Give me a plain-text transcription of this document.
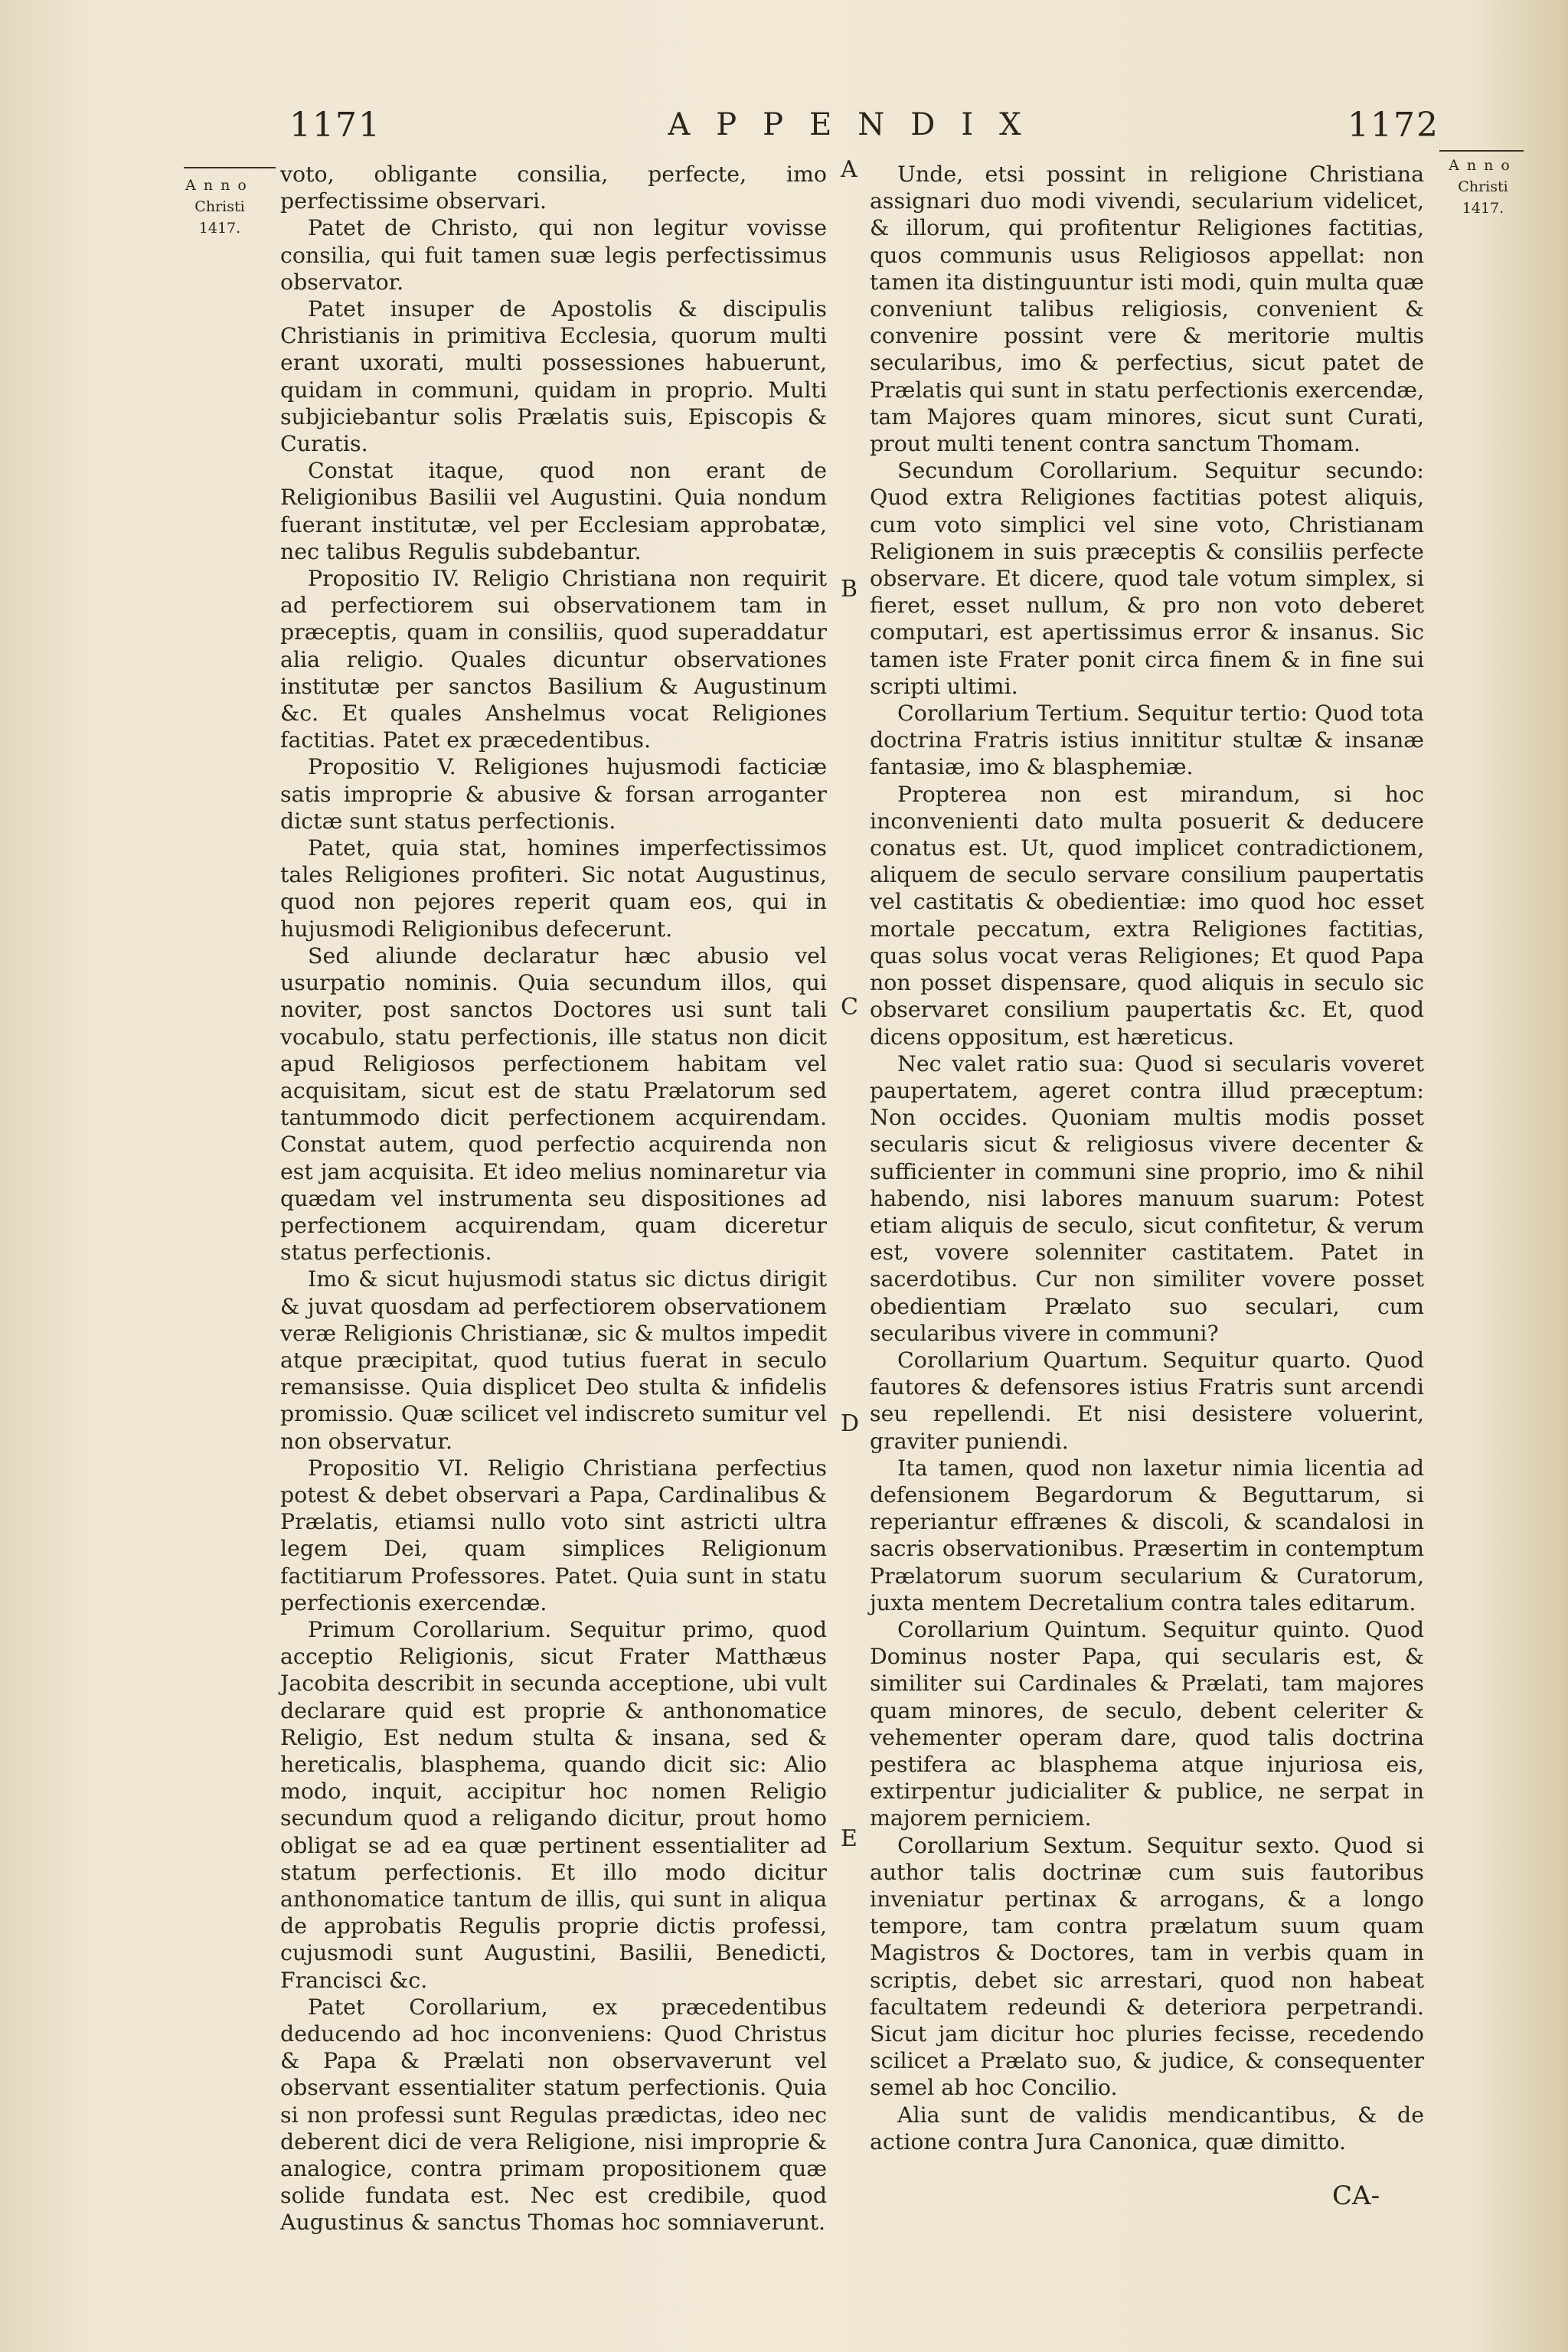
1171	APPENDIX	1172
Anno
Christi
1417.
Anno
Christi
1417.
A
B
C
D
E

voto, obligante consilia, perfecte, imo perfectissime observari.

Patet de Christo, qui non legitur vovisse consilia, qui fuit tamen suæ legis perfectissimus observator.

Patet insuper de Apostolis & discipulis Christianis in primitiva Ecclesia, quorum multi erant uxorati, multi possessiones habuerunt, quidam in communi, quidam in proprio. Multi subjiciebantur solis Prælatis suis, Episcopis & Curatis.

Constat itaque, quod non erant de Religionibus Basilii vel Augustini. Quia nondum fuerant institutæ, vel per Ecclesiam approbatæ, nec talibus Regulis subdebantur.

Propositio IV. Religio Christiana non requirit ad perfectiorem sui observationem tam in præceptis, quam in consiliis, quod superaddatur alia religio. Quales dicuntur observationes institutæ per sanctos Basilium & Augustinum &c. Et quales Anshelmus vocat Religiones factitias. Patet ex præcedentibus.

Propositio V. Religiones hujusmodi facticiæ satis improprie & abusive & forsan arroganter dictæ sunt status perfectionis.

Patet, quia stat, homines imperfectissimos tales Religiones profiteri. Sic notat Augustinus, quod non pejores reperit quam eos, qui in hujusmodi Religionibus defecerunt.

Sed aliunde declaratur hæc abusio vel usurpatio nominis. Quia secundum illos, qui noviter, post sanctos Doctores usi sunt tali vocabulo, statu perfectionis, ille status non dicit apud Religiosos perfectionem habitam vel acquisitam, sicut est de statu Prælatorum sed tantummodo dicit perfectionem acquirendam. Constat autem, quod perfectio acquirenda non est jam acquisita. Et ideo melius nominaretur via quædam vel instrumenta seu dispositiones ad perfectionem acquirendam, quam diceretur status perfectionis.

Imo & sicut hujusmodi status sic dictus dirigit & juvat quosdam ad perfectiorem observationem veræ Religionis Christianæ, sic & multos impedit atque præcipitat, quod tutius fuerat in seculo remansisse. Quia displicet Deo stulta & infidelis promissio. Quæ scilicet vel indiscreto sumitur vel non observatur.

Propositio VI. Religio Christiana perfectius potest & debet observari a Papa, Cardinalibus & Prælatis, etiamsi nullo voto sint astricti ultra legem Dei, quam simplices Religionum factitiarum Professores. Patet. Quia sunt in statu perfectionis exercendæ.

Primum Corollarium. Sequitur primo, quod acceptio Religionis, sicut Frater Matthæus Jacobita describit in secunda acceptione, ubi vult declarare quid est proprie & anthonomatice Religio, Est nedum stulta & insana, sed & hereticalis, blasphema, quando dicit sic: Alio modo, inquit, accipitur hoc nomen Religio secundum quod a religando dicitur, prout homo obligat se ad ea quæ pertinent essentialiter ad statum perfectionis. Et illo modo dicitur anthonomatice tantum de illis, qui sunt in aliqua de approbatis Regulis proprie dictis professi, cujusmodi sunt Augustini, Basilii, Benedicti, Francisci &c.

Patet Corollarium, ex præcedentibus deducendo ad hoc inconveniens: Quod Christus & Papa & Prælati non observaverunt vel observant essentialiter statum perfectionis. Quia si non professi sunt Regulas prædictas, ideo nec deberent dici de vera Religione, nisi improprie & analogice, contra primam propositionem quæ solide fundata est. Nec est credibile, quod Augustinus & sanctus Thomas hoc somniaverunt.

Unde, etsi possint in religione Christiana assignari duo modi vivendi, secularium videlicet, & illorum, qui profitentur Religiones factitias, quos communis usus Religiosos appellat: non tamen ita distinguuntur isti modi, quin multa quæ conveniunt talibus religiosis, convenient & convenire possint vere & meritorie multis secularibus, imo & perfectius, sicut patet de Prælatis qui sunt in statu perfectionis exercendæ, tam Majores quam minores, sicut sunt Curati, prout multi tenent contra sanctum Thomam.

Secundum Corollarium. Sequitur secundo: Quod extra Religiones factitias potest aliquis, cum voto simplici vel sine voto, Christianam Religionem in suis præceptis & consiliis perfecte observare. Et dicere, quod tale votum simplex, si fieret, esset nullum, & pro non voto deberet computari, est apertissimus error & insanus. Sic tamen iste Frater ponit circa finem & in fine sui scripti ultimi.

Corollarium Tertium. Sequitur tertio: Quod tota doctrina Fratris istius innititur stultæ & insanæ fantasiæ, imo & blasphemiæ.

Propterea non est mirandum, si hoc inconvenienti dato multa posuerit & deducere conatus est. Ut, quod implicet contradictionem, aliquem de seculo servare consilium paupertatis vel castitatis & obedientiæ: imo quod hoc esset mortale peccatum, extra Religiones factitias, quas solus vocat veras Religiones; Et quod Papa non posset dispensare, quod aliquis in seculo sic observaret consilium paupertatis &c. Et, quod dicens oppositum, est hæreticus.

Nec valet ratio sua: Quod si secularis voveret paupertatem, ageret contra illud præceptum: Non occides. Quoniam multis modis posset secularis sicut & religiosus vivere decenter & sufficienter in communi sine proprio, imo & nihil habendo, nisi labores manuum suarum: Potest etiam aliquis de seculo, sicut confitetur, & verum est, vovere solenniter castitatem. Patet in sacerdotibus. Cur non similiter vovere posset obedientiam Prælato suo seculari, cum secularibus vivere in communi?

Corollarium Quartum. Sequitur quarto. Quod fautores & defensores istius Fratris sunt arcendi seu repellendi. Et nisi desistere voluerint, graviter puniendi.

Ita tamen, quod non laxetur nimia licentia ad defensionem Begardorum & Beguttarum, si reperiantur effrænes & discoli, & scandalosi in sacris observationibus. Præsertim in contemptum Prælatorum suorum secularium & Curatorum, juxta mentem Decretalium contra tales editarum.

Corollarium Quintum. Sequitur quinto. Quod Dominus noster Papa, qui secularis est, & similiter sui Cardinales & Prælati, tam majores quam minores, de seculo, debent celeriter & vehementer operam dare, quod talis doctrina pestifera ac blasphema atque injuriosa eis, extirpentur judicialiter & publice, ne serpat in majorem perniciem.

Corollarium Sextum. Sequitur sexto. Quod si author talis doctrinæ cum suis fautoribus inveniatur pertinax & arrogans, & a longo tempore, tam contra prælatum suum quam Magistros & Doctores, tam in verbis quam in scriptis, debet sic arrestari, quod non habeat facultatem redeundi & deteriora perpetrandi. Sicut jam dicitur hoc pluries fecisse, recedendo scilicet a Prælato suo, & judice, & consequenter semel ab hoc Concilio.

Alia sunt de validis mendicantibus, & de actione contra Jura Canonica, quæ dimitto.

CA-
